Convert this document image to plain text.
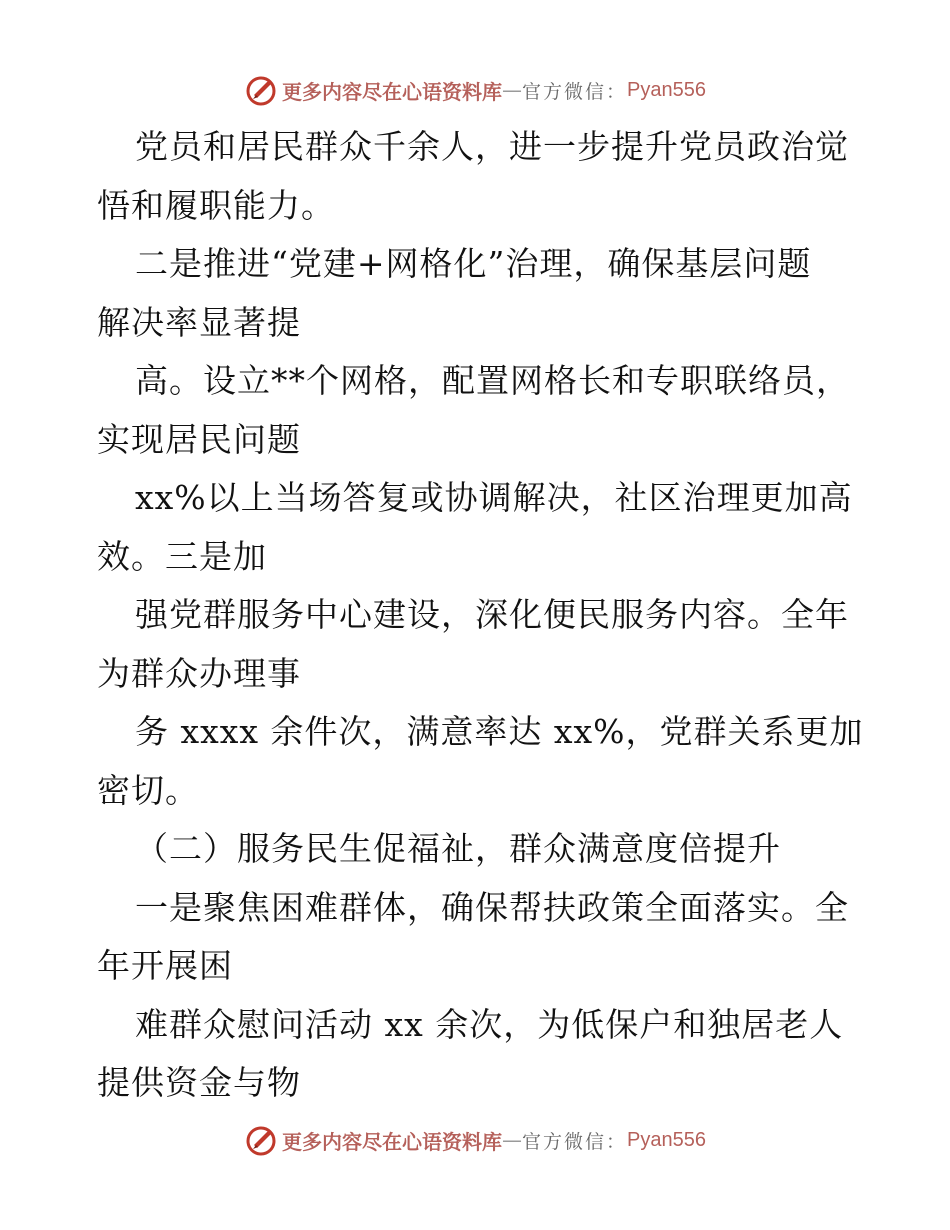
更多内容尽在心语资料库 — 官方微信： Pyan556
党员和居民群众千余人，进一步提升党员政治觉
悟和履职能力。
二是推进“党建+网格化”治理，确保基层问题
解决率显著提
高。设立**个网格，配置网格长和专职联络员，
实现居民问题
xx%以上当场答复或协调解决，社区治理更加高
效。三是加
强党群服务中心建设，深化便民服务内容。全年
为群众办理事
务 xxxx 余件次，满意率达 xx%，党群关系更加
密切。
（二）服务民生促福祉，群众满意度倍提升
一是聚焦困难群体，确保帮扶政策全面落实。全
年开展困
难群众慰问活动 xx 余次，为低保户和独居老人
提供资金与物
更多内容尽在心语资料库 — 官方微信： Pyan556
